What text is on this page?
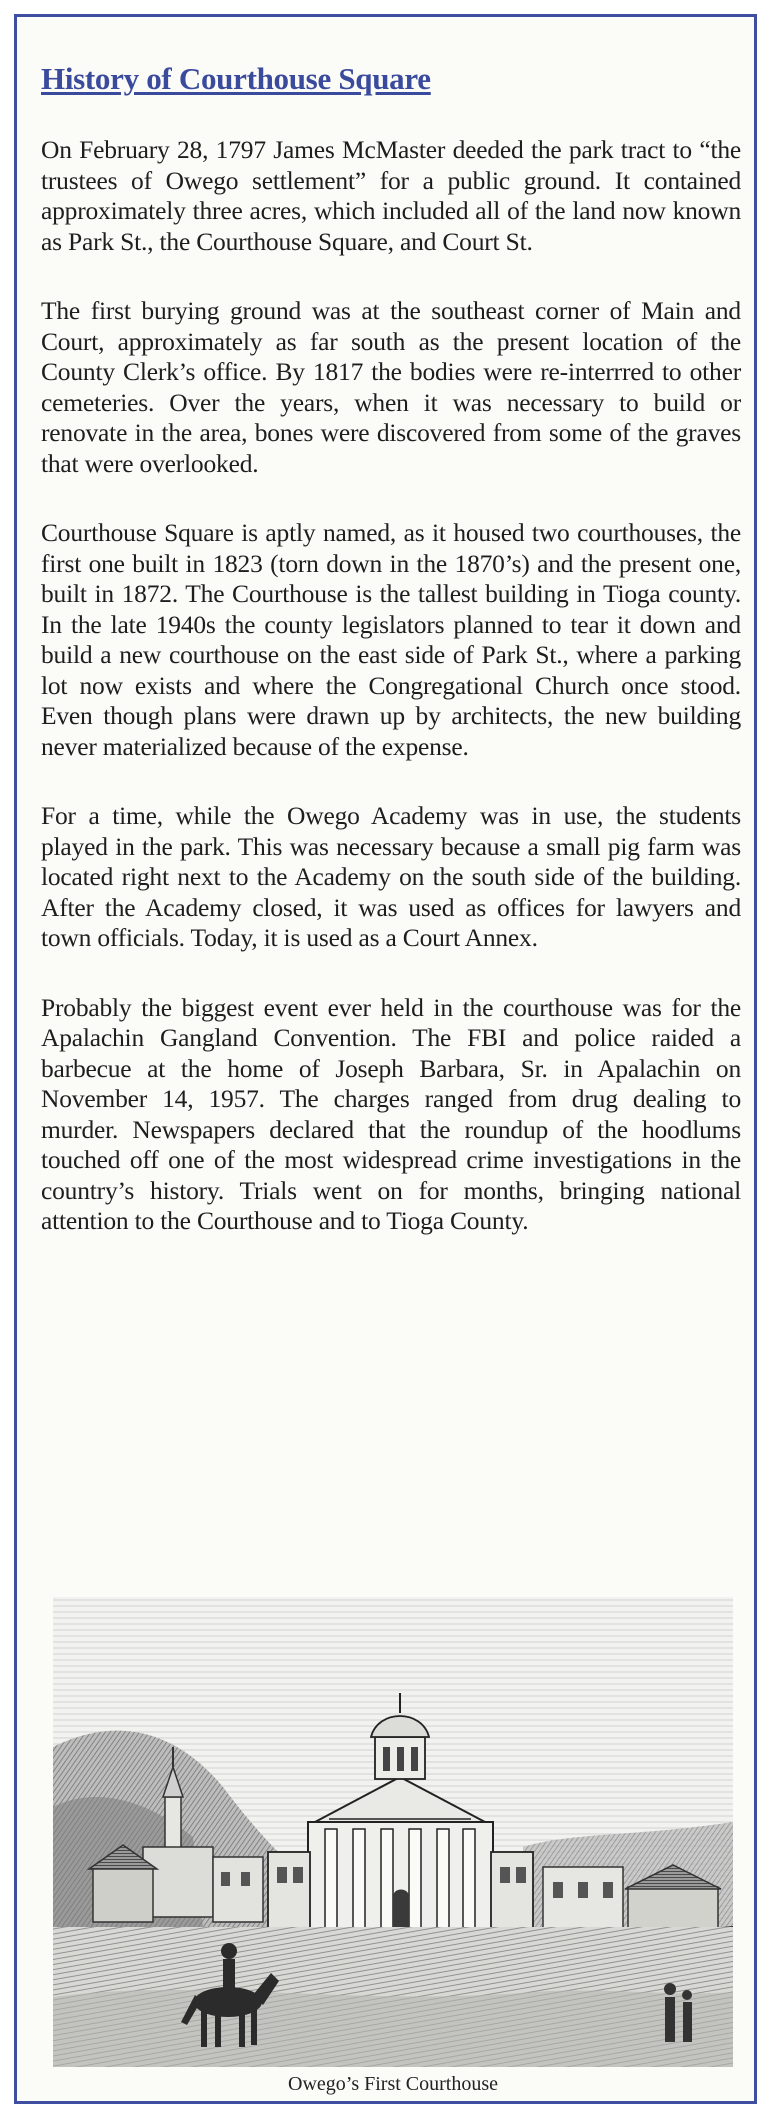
History of Courthouse Square

On February 28, 1797 James McMaster deeded the park tract to “the trustees of Owego settlement” for a public ground. It contained approximately three acres, which included all of the land now known as Park St., the Courthouse Square, and Court St.

The first burying ground was at the southeast corner of Main and Court, approximately as far south as the present location of the County Clerk’s office. By 1817 the bodies were re-interrred to other cemeteries. Over the years, when it was necessary to build or renovate in the area, bones were discovered from some of the graves that were overlooked.

Courthouse Square is aptly named, as it housed two courthouses, the first one built in 1823 (torn down in the 1870’s) and the present one, built in 1872. The Courthouse is the tallest building in Tioga county. In the late 1940s the county legislators planned to tear it down and build a new courthouse on the east side of Park St., where a parking lot now exists and where the Congregational Church once stood. Even though plans were drawn up by architects, the new building never materialized because of the expense.

For a time, while the Owego Academy was in use, the students played in the park. This was necessary because a small pig farm was located right next to the Academy on the south side of the building. After the Academy closed, it was used as offices for lawyers and town officials. Today, it is used as a Court Annex.

Probably the biggest event ever held in the courthouse was for the Apalachin Gangland Convention. The FBI and police raided a barbecue at the home of Joseph Barbara, Sr. in Apalachin on November 14, 1957. The charges ranged from drug dealing to murder. Newspapers declared that the roundup of the hoodlums touched off one of the most widespread crime investigations in the country’s history. Trials went on for months, bringing national attention to the Courthouse and to Tioga County.

Owego’s First Courthouse
